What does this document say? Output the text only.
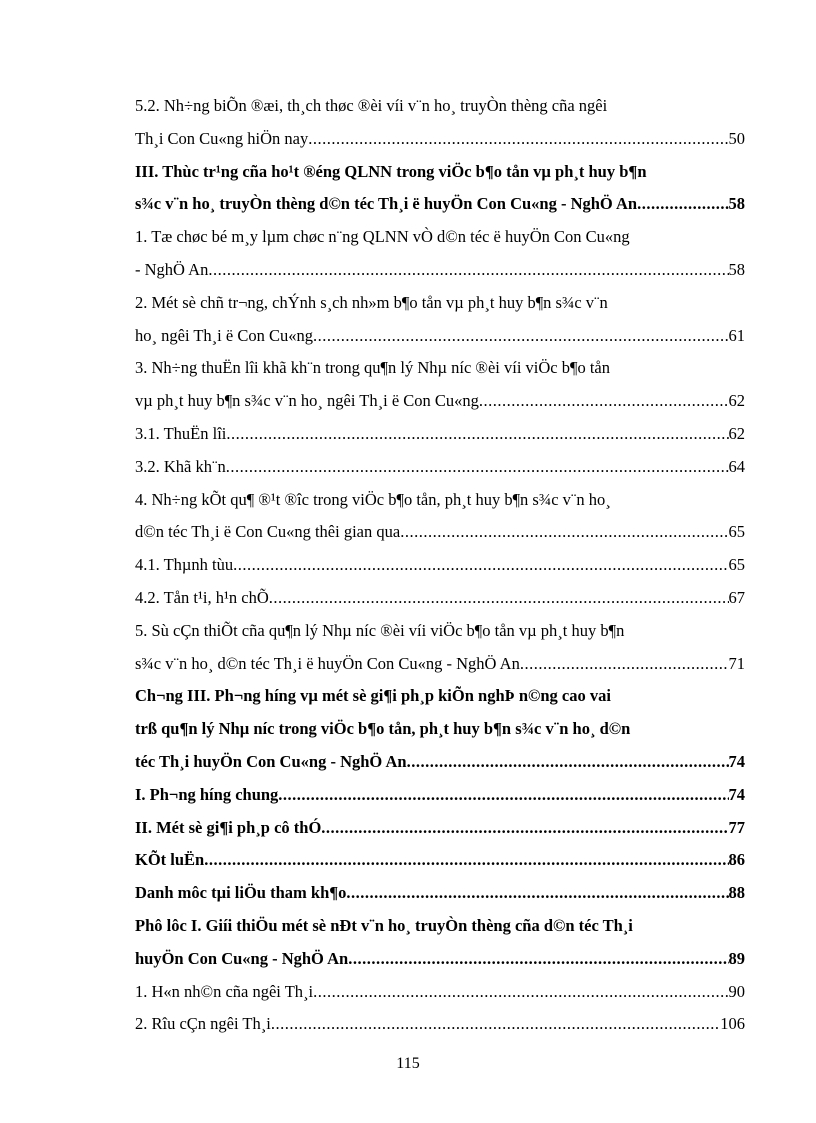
5.2. Nh÷ng biÕn ®æi, th¸ch thøc ®èi víi v¨n ho¸ truyÒn thèng cña ngêi
Th¸i Con Cu«ng hiÖn nay .....	50
III. Thùc tr¹ng cña ho¹t ®éng QLNN trong viÖc b¶o tån vµ ph¸t huy b¶n
s¾c v¨n ho¸ truyÒn thèng d©n téc Th¸i ë huyÖn Con Cu«ng - NghÖ An .....	58
1. Tæ chøc bé m¸y lµm chøc n¨ng QLNN vÒ d©n téc ë huyÖn Con Cu«ng
- NghÖ An .....	58
2. Mét sè chñ tr¬ng, chÝnh s¸ch nh»m b¶o tån vµ ph¸t huy b¶n s¾c v¨n
ho¸ ngêi Th¸i ë Con Cu«ng .....	61
3. Nh÷ng thuËn lîi khã kh¨n trong qu¶n lý Nhµ níc ®èi víi viÖc b¶o tån
vµ ph¸t huy b¶n s¾c v¨n ho¸ ngêi Th¸i ë Con Cu«ng .....	62
3.1. ThuËn lîi .....	62
3.2. Khã kh¨n .....	64
4. Nh÷ng kÕt qu¶ ®¹t ®îc trong viÖc b¶o tån, ph¸t huy b¶n s¾c v¨n ho¸
d©n téc Th¸i ë Con Cu«ng thêi gian qua .....	65
4.1. Thµnh tùu .....	65
4.2. Tån t¹i, h¹n chÕ .....	67
5. Sù cÇn thiÕt cña qu¶n lý Nhµ níc ®èi víi viÖc b¶o tån vµ ph¸t huy b¶n
s¾c v¨n ho¸ d©n téc Th¸i ë huyÖn Con Cu«ng - NghÖ An .....	71
Ch¬ng III. Ph¬ng híng vµ mét sè gi¶i ph¸p kiÕn nghÞ n©ng cao vai
trß qu¶n lý Nhµ níc trong viÖc b¶o tån, ph¸t huy b¶n s¾c v¨n ho¸ d©n
téc Th¸i huyÖn Con Cu«ng - NghÖ An .....	74
I. Ph¬ng híng chung .....	74
II. Mét sè gi¶i ph¸p cô thÓ .....	77
KÕt luËn .....	86
Danh môc tµi liÖu tham kh¶o .....	88
Phô lôc I. Giíi thiÖu mét sè nÐt v¨n ho¸ truyÒn thèng cña d©n téc Th¸i
huyÖn Con Cu«ng - NghÖ An .....	89
1. H«n nh©n cña ngêi Th¸i .....	90
2. Rîu cÇn ngêi Th¸i .....	106
115
